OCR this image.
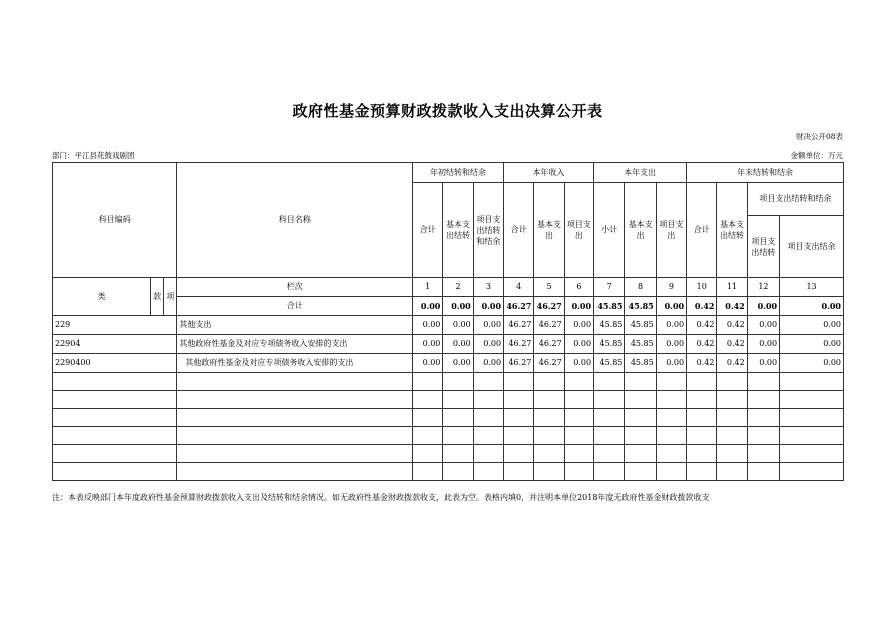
政府性基金预算财政拨款收入支出决算公开表
财决公开08表
部门：平江县花鼓戏剧团	金额单位：万元
科目编码			科目名称	年初结转和结余			本年收入			本年支出			年末结转和结余			
				合计	基本支出结转	项目支出结转和结余	合计	基本支出	项目支出	小计	基本支出	项目支出	合计	基本支出结转	项目支出结转和结余	
															项目支出结转	项目支出结余

类	款	项	栏次	1	2	3	4	5	6	7	8	9	10	11	12	13
			合计	0.00	0.00	0.00	46.27	46.27	0.00	45.85	45.85	0.00	0.42	0.42	0.00	0.00
229			其他支出	0.00	0.00	0.00	46.27	46.27	0.00	45.85	45.85	0.00	0.42	0.42	0.00	0.00
22904			其他政府性基金及对应专项债务收入安排的支出	0.00	0.00	0.00	46.27	46.27	0.00	45.85	45.85	0.00	0.42	0.42	0.00	0.00
2290400			其他政府性基金及对应专项债务收入安排的支出	0.00	0.00	0.00	46.27	46.27	0.00	45.85	45.85	0.00	0.42	0.42	0.00	0.00

注：本表反映部门本年度政府性基金预算财政拨款收入支出及结转和结余情况。如无政府性基金财政拨款收支，此表为空。表格内填0，并注明本单位2018年度无政府性基金财政拨款收支
